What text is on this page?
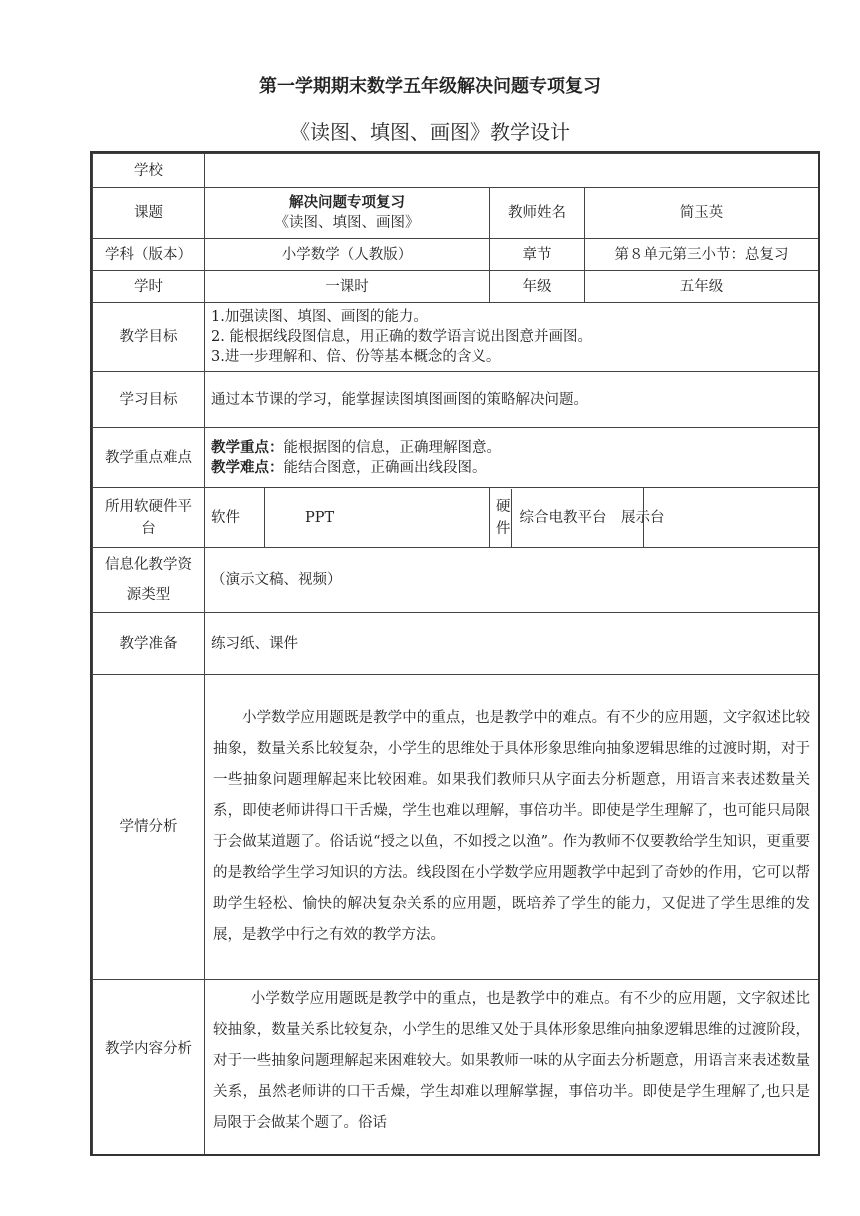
第一学期期末数学五年级解决问题专项复习
《读图、填图、画图》教学设计
学校				
课题	解决问题专项复习
《读图、填图、画图》		教师姓名	简玉英
学科（版本）	小学数学（人教版）		章节	第８单元第三小节：总复习
学时	一课时		年级	五年级
教学目标	1.加强读图、填图、画图的能力。
2. 能根据线段图信息，用正确的数学语言说出图意并画图。
3.进一步理解和、倍、份等基本概念的含义。			

学习目标	通过本节课的学习，能掌握读图填图画图的策略解决问题。			
教学重点难点	教学重点：能根据图的信息，正确理解图意。
教学难点：能结合图意，正确画出线段图。			

所用软硬件平台	软件	PPT	硬件
综合电教平台　展示台	

信息化教学资源类型	（演示文稿、视频）			
教学准备	练习纸、课件			
学情分析	小学数学应用题既是教学中的重点，也是教学中的难点。有不少的应用题，文字叙述比较抽象，数量关系比较复杂，小学生的思维处于具体形象思维向抽象逻辑思维的过渡时期，对于一些抽象问题理解起来比较困难。如果我们教师只从字面去分析题意，用语言来表述数量关系，即使老师讲得口干舌燥，学生也难以理解，事倍功半。即使是学生理解了，也可能只局限于会做某道题了。俗话说“授之以鱼，不如授之以渔”。作为教师不仅要教给学生知识，更重要的是教给学生学习知识的方法。线段图在小学数学应用题教学中起到了奇妙的作用，它可以帮助学生轻松、愉快的解决复杂关系的应用题，既培养了学生的能力，又促进了学生思维的发展，是教学中行之有效的教学方法。			
教学内容分析	小学数学应用题既是教学中的重点，也是教学中的难点。有不少的应用题，文字叙述比较抽象，数量关系比较复杂，小学生的思维又处于具体形象思维向抽象逻辑思维的过渡阶段，对于一些抽象问题理解起来困难较大。如果教师一味的从字面去分析题意，用语言来表述数量关系，虽然老师讲的口干舌燥，学生却难以理解掌握，事倍功半。即使是学生理解了,也只是局限于会做某个题了。俗话			
